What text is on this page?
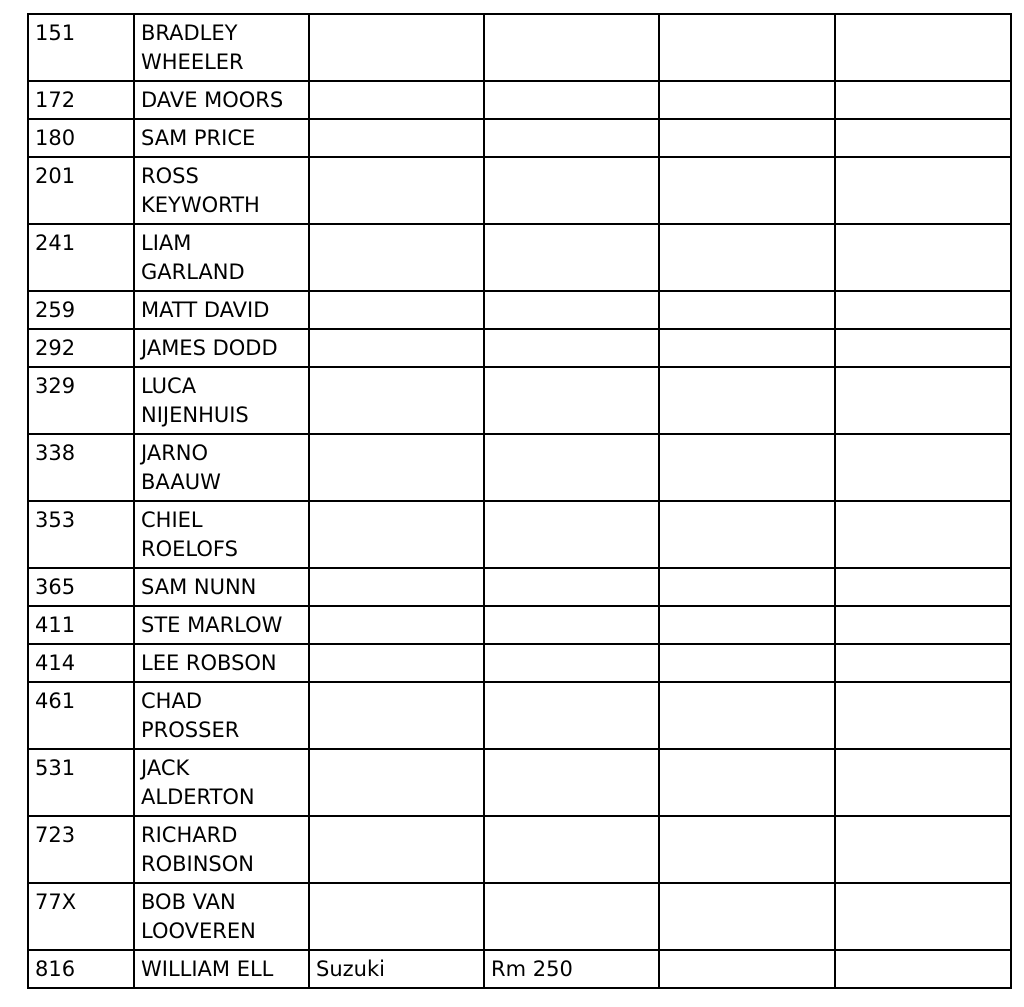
151	BRADLEY
WHEELER				

172	DAVE MOORS				

180	SAM PRICE				

201	ROSS
KEYWORTH				

241	LIAM
GARLAND				

259	MATT DAVID				

292	JAMES DODD				

329	LUCA
NIJENHUIS				

338	JARNO
BAAUW				

353	CHIEL
ROELOFS				

365	SAM NUNN				

411	STE MARLOW				

414	LEE ROBSON				

461	CHAD
PROSSER				

531	JACK
ALDERTON				

723	RICHARD
ROBINSON				

77X	BOB VAN
LOOVEREN				

816	WILLIAM ELL	Suzuki	Rm 250		
